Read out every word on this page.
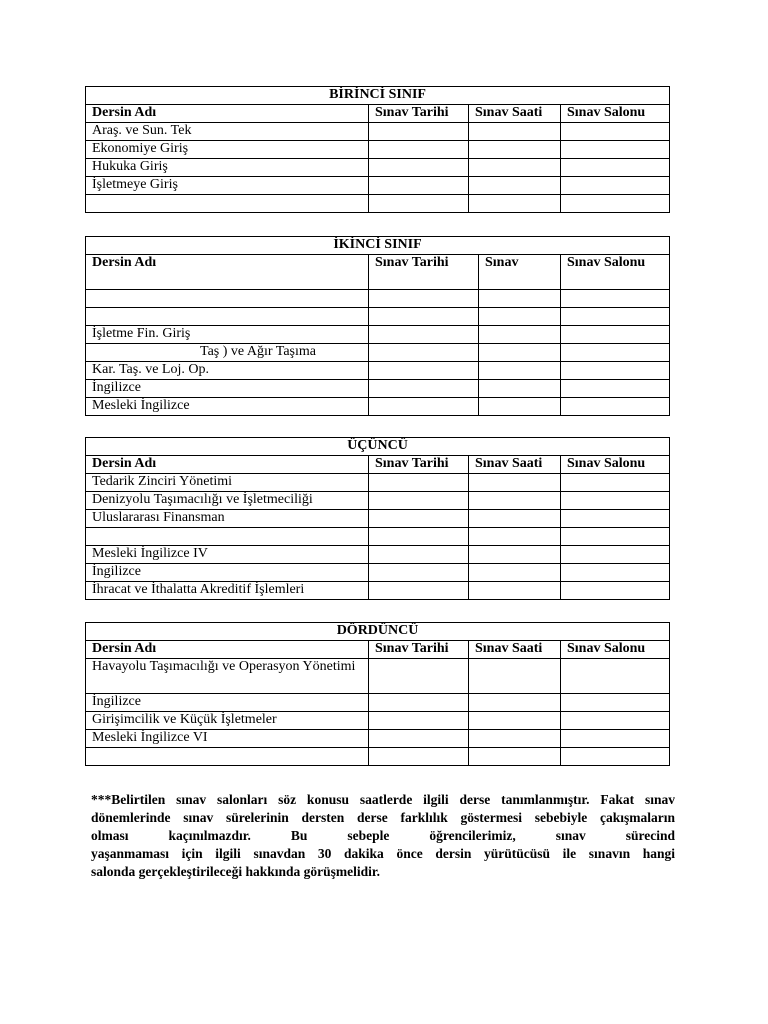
BİRİNCİ SINIF			
Dersin Adı	Sınav Tarihi	Sınav Saati	Sınav Salonu
Araş. ve Sun. Tek			
Ekonomiye Giriş			
Hukuka Giriş			
İşletmeye Giriş			

İKİNCİ SINIF			
Dersin Adı	Sınav Tarihi	Sınav	Sınav Salonu

İşletme Fin. Giriş			
Taş ) ve Ağır Taşıma			
Kar. Taş. ve Loj. Op.			
İngilizce			
Mesleki İngilizce			
ÜÇÜNCÜ			
Dersin Adı	Sınav Tarihi	Sınav Saati	Sınav Salonu
Tedarik Zinciri Yönetimi			
Denizyolu Taşımacılığı ve İşletmeciliği			
Uluslararası Finansman			

Mesleki İngilizce IV			
İngilizce			
İhracat ve İthalatta Akreditif İşlemleri			
DÖRDÜNCÜ			
Dersin Adı	Sınav Tarihi	Sınav Saati	Sınav Salonu
Havayolu Taşımacılığı ve Operasyon Yönetimi			
İngilizce			
Girişimcilik ve Küçük İşletmeler			
Mesleki İngilizce VI			

***Belirtilen sınav salonları söz konusu saatlerde ilgili derse tanımlanmıştır. Fakat sınav
dönemlerinde sınav sürelerinin dersten derse farklılık göstermesi sebebiyle çakışmaların
olması kaçınılmazdır. Bu sebeple öğrencilerimiz, sınav sürecind
yaşanmaması için ilgili sınavdan 30 dakika önce dersin yürütücüsü ile sınavın hangi
salonda gerçekleştirileceği hakkında görüşmelidir.
